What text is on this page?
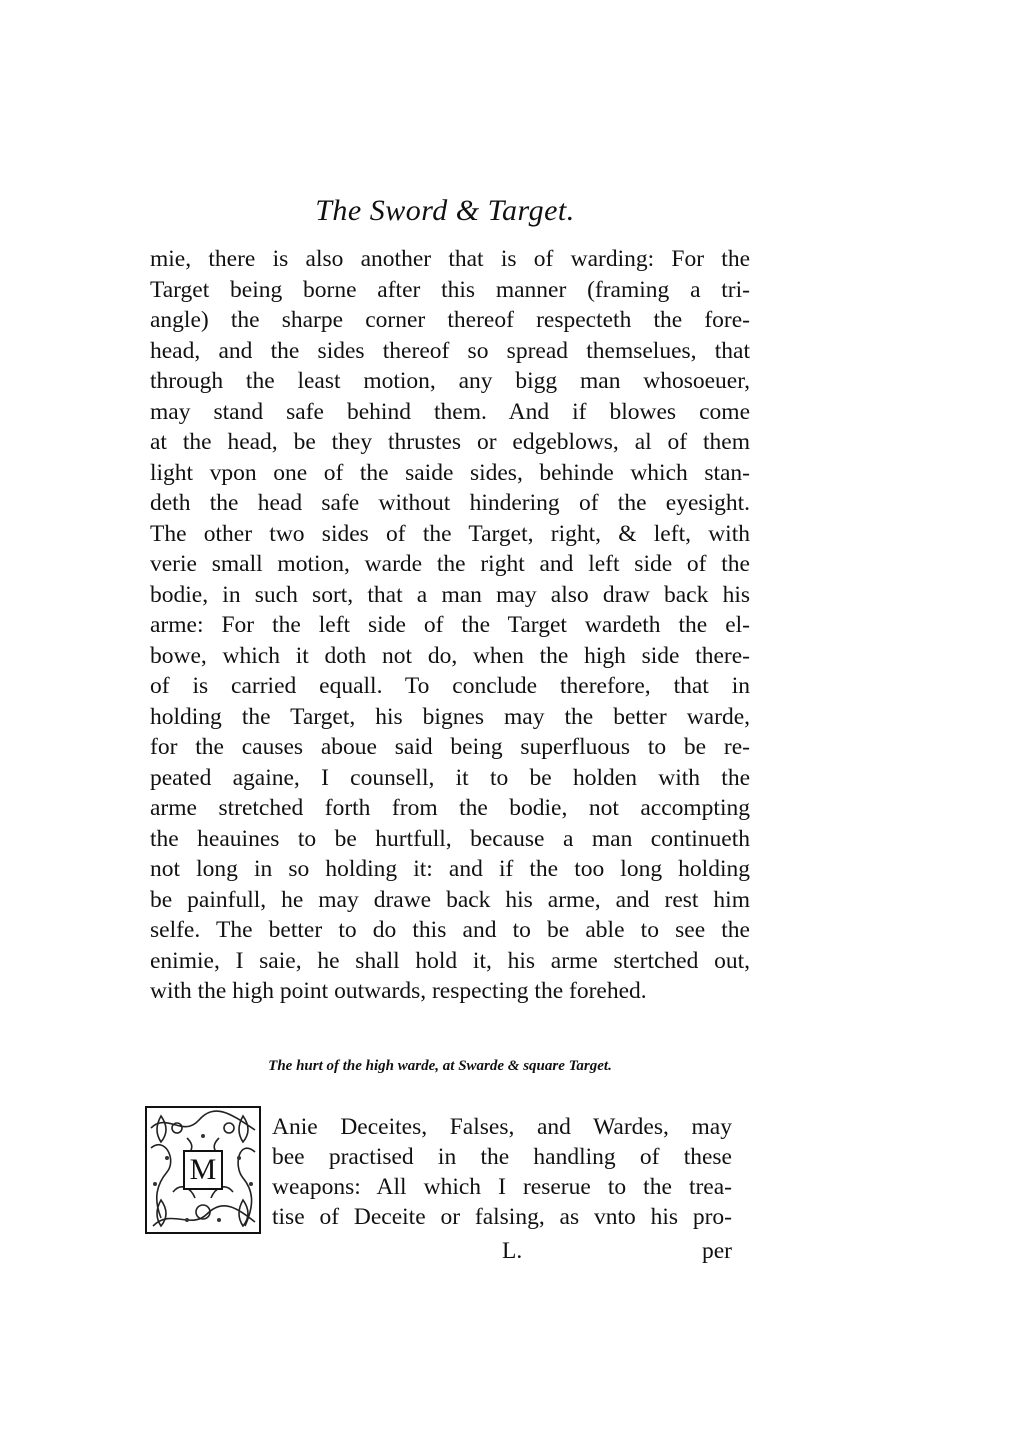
The Sword & Target.
mie, there is also another that is of warding: For the
Target being borne after this manner (framing a tri-
angle) the sharpe corner thereof respecteth the fore-
head, and the sides thereof so spread themselues, that
through the least motion, any bigg man whosoeuer,
may stand safe behind them. And if blowes come
at the head, be they thrustes or edgeblows, al of them
light vpon one of the saide sides, behinde which stan-
deth the head safe without hindering of the eyesight.
The other two sides of the Target, right, & left, with
verie small motion, warde the right and left side of the
bodie, in such sort, that a man may also draw back his
arme: For the left side of the Target wardeth the el-
bowe, which it doth not do, when the high side there-
of is carried equall. To conclude therefore, that in
holding the Target, his bignes may the better warde,
for the causes aboue said being superfluous to be re-
peated againe, I counsell, it to be holden with the
arme stretched forth from the bodie, not accompting
the heauines to be hurtfull, because a man continueth
not long in so holding it: and if the too long holding
be painfull, he may drawe back his arme, and rest him
selfe. The better to do this and to be able to see the
enimie, I saie, he shall hold it, his arme stertched out,
with the high point outwards, respecting the forehed.
The hurt of the high warde, at Swarde & square Target.
M
Anie Deceites, Falses, and Wardes, may
bee practised in the handling of these
weapons: All which I reserue to the trea-
tise of Deceite or falsing, as vnto his pro-
L.	per
